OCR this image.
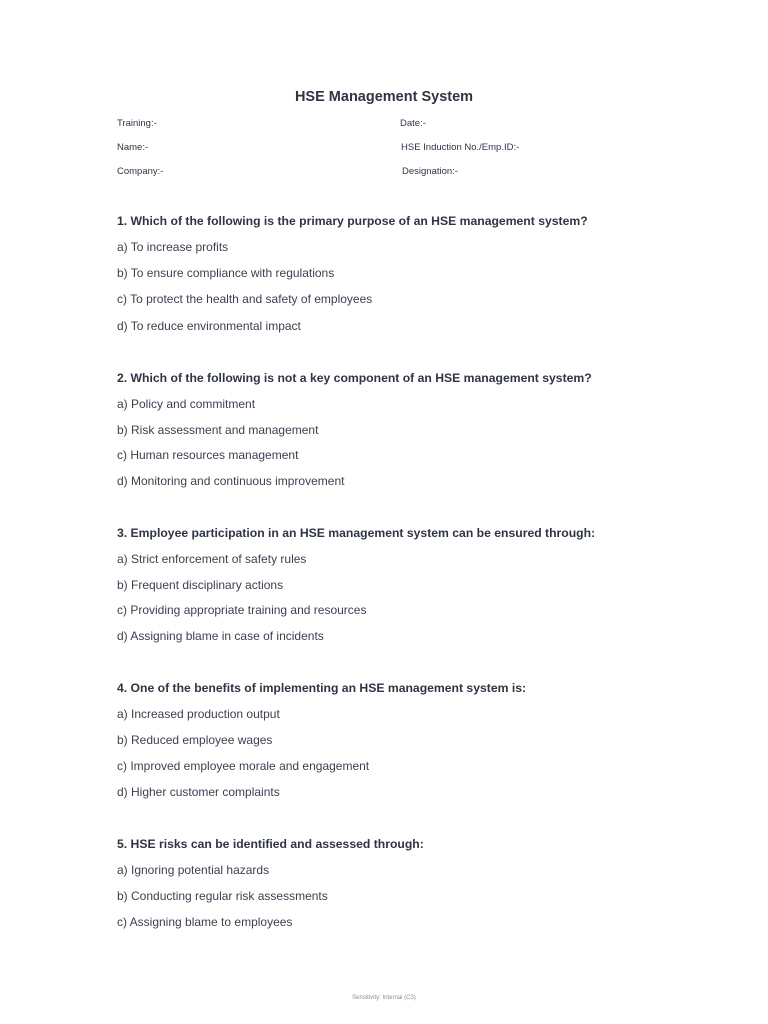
HSE Management System
Training:-	Date:-
Name:-	HSE Induction No./Emp.ID:-
Company:-	Designation:-
1. Which of the following is the primary purpose of an HSE management system?
a) To increase profits
b) To ensure compliance with regulations
c) To protect the health and safety of employees
d) To reduce environmental impact
2. Which of the following is not a key component of an HSE management system?
a) Policy and commitment
b) Risk assessment and management
c) Human resources management
d) Monitoring and continuous improvement
3. Employee participation in an HSE management system can be ensured through:
a) Strict enforcement of safety rules
b) Frequent disciplinary actions
c) Providing appropriate training and resources
d) Assigning blame in case of incidents
4. One of the benefits of implementing an HSE management system is:
a) Increased production output
b) Reduced employee wages
c) Improved employee morale and engagement
d) Higher customer complaints
5. HSE risks can be identified and assessed through:
a) Ignoring potential hazards
b) Conducting regular risk assessments
c) Assigning blame to employees
Sensitivity: Internal (C3)
